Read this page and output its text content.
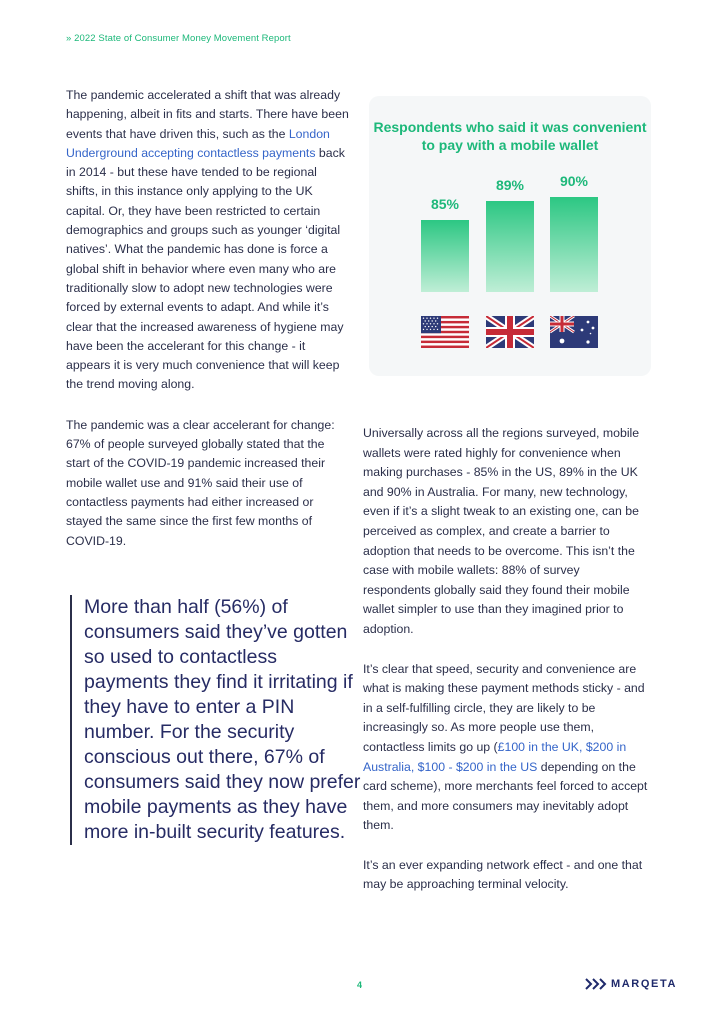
» 2022 State of Consumer Money Movement Report

The pandemic accelerated a shift that was already happening, albeit in fits and starts. There have been events that have driven this, such as the London Underground accepting contactless payments back in 2014 - but these have tended to be regional shifts, in this instance only applying to the UK capital. Or, they have been restricted to certain demographics and groups such as younger ‘digital natives’. What the pandemic has done is force a global shift in behavior where even many who are traditionally slow to adopt new technologies were forced by external events to adapt. And while it’s clear that the increased awareness of hygiene may have been the accelerant for this change - it appears it is very much convenience that will keep the trend moving along.

The pandemic was a clear accelerant for change: 67% of people surveyed globally stated that the start of the COVID-19 pandemic increased their mobile wallet use and 91% said their use of contactless payments had either increased or stayed the same since the first few months of COVID-19.

More than half (56%) of consumers said they’ve gotten so used to contactless payments they find it irritating if they have to enter a PIN number. For the security conscious out there, 67% of consumers said they now prefer mobile payments as they have more in-built security features.
Respondents who said it was convenient to pay with a mobile wallet
85%
89%	90%

Universally across all the regions surveyed, mobile wallets were rated highly for convenience when making purchases - 85% in the US, 89% in the UK and 90% in Australia. For many, new technology, even if it’s a slight tweak to an existing one, can be perceived as complex, and create a barrier to adoption that needs to be overcome. This isn’t the case with mobile wallets: 88% of survey respondents globally said they found their mobile wallet simpler to use than they imagined prior to adoption.

It’s clear that speed, security and convenience are what is making these payment methods sticky - and in a self-fulfilling circle, they are likely to be increasingly so. As more people use them, contactless limits go up (£100 in the UK, $200 in Australia, $100 - $200 in the US depending on the card scheme), more merchants feel forced to accept them, and more consumers may inevitably adopt them.

It’s an ever expanding network effect - and one that may be approaching terminal velocity.

4	MARQETA
